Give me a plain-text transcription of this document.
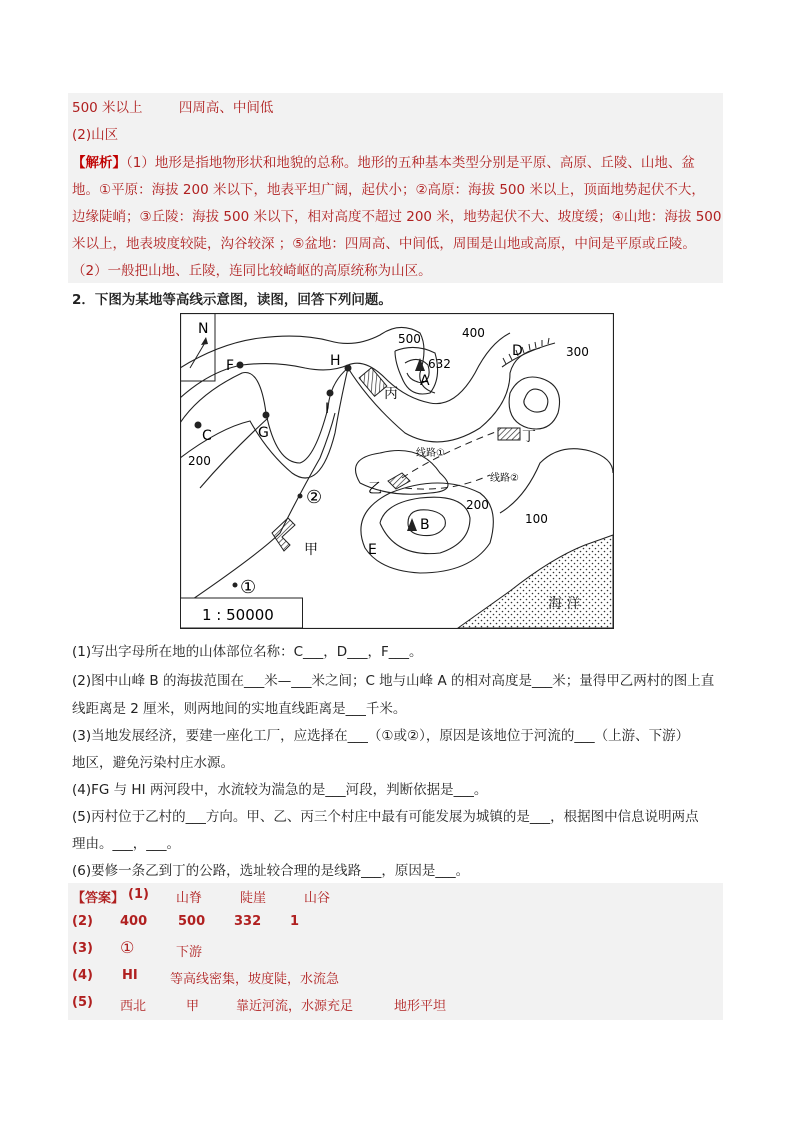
500 米以上	四周高、中间低
(2)山区
【解析】（1）地形是指地物形状和地貌的总称。地形的五种基本类型分别是平原、高原、丘陵、山地、盆
地。①平原：海拔 200 米以下，地表平坦广阔，起伏小；②高原：海拔 500 米以上，顶面地势起伏不大，
边缘陡峭；③丘陵：海拔 500 米以下，相对高度不超过 200 米，地势起伏不大、坡度缓；④山地：海拔 500
米以上，地表坡度较陡，沟谷较深 ；⑤盆地：四周高、中间低，周围是山地或高原，中间是平原或丘陵。
（2）一般把山地、丘陵，连同比较崎岖的高原统称为山区。
2．下图为某地等高线示意图，读图，回答下列问题。
海 洋
N
线路①
线路②
500	400
300
200
200
100
632
A
B
C
D
E
F
G
H
I
②
①
丙
丁
乙
甲
1 : 50000
(1)写出字母所在地的山体部位名称：C___，D___，F___。
(2)图中山峰 B 的海拔范围在___米—___米之间；C 地与山峰 A 的相对高度是___米；量得甲乙两村的图上直
线距离是 2 厘米，则两地间的实地直线距离是___千米。
(3)当地发展经济，要建一座化工厂，应选择在___（①或②），原因是该地位于河流的___（上游、下游）
地区，避免污染村庄水源。
(4)FG 与 HI 两河段中，水流较为湍急的是___河段，判断依据是___。
(5)丙村位于乙村的___方向。甲、乙、丙三个村庄中最有可能发展为城镇的是___，根据图中信息说明两点
理由。___，___。
(6)要修一条乙到丁的公路，选址较合理的是线路___，原因是___。
【答案】 (1) 山脊	陡崖	山谷
(2) 400 500 332 1
(3) ①	下游
(4) HI 等高线密集，坡度陡，水流急
(5) 西北	甲	靠近河流，水源充足	地形平坦
